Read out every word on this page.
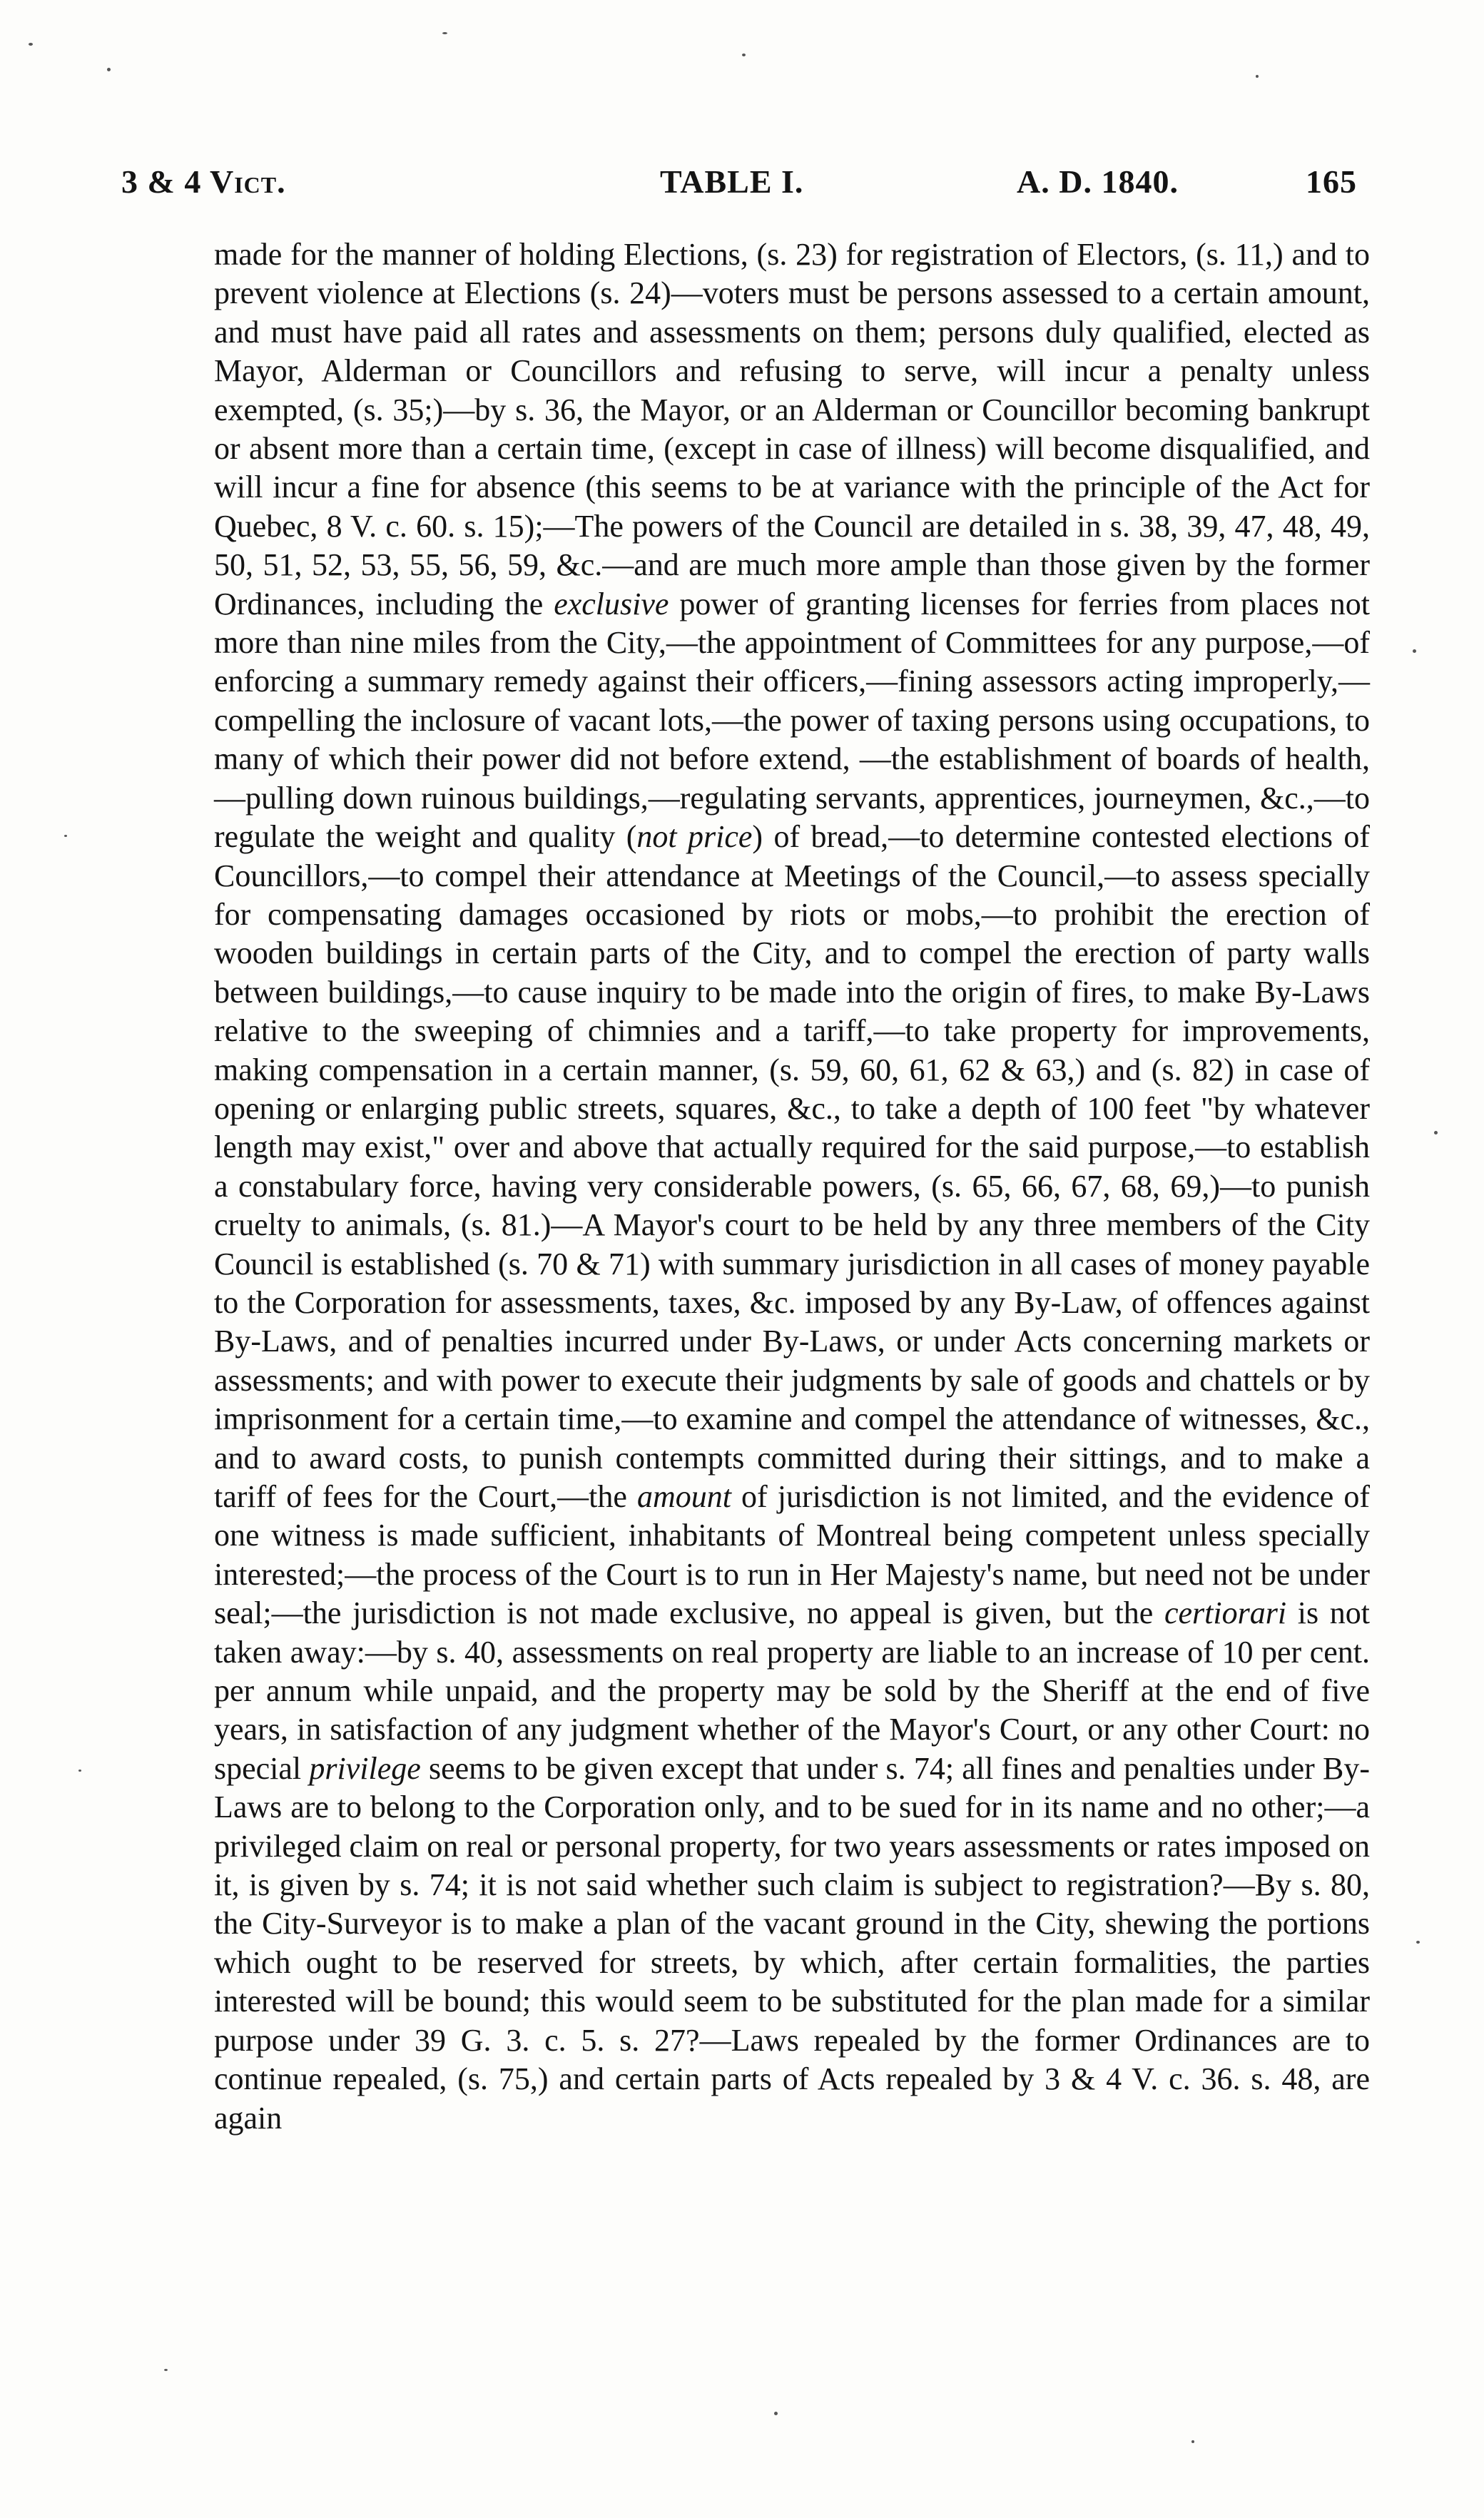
3 & 4 Vict.	TABLE I.	A. D. 1840.	165
made for the manner of holding Elections, (s. 23) for registration of Electors, (s. 11,) and to prevent violence at Elections (s. 24)—voters must be persons assessed to a certain amount, and must have paid all rates and assessments on them; persons duly qualified, elected as Mayor, Alderman or Councillors and refusing to serve, will incur a penalty unless exempted, (s. 35;)—by s. 36, the Mayor, or an Alderman or Councillor becoming bankrupt or absent more than a certain time, (except in case of illness) will become disqualified, and will incur a fine for absence (this seems to be at variance with the principle of the Act for Quebec, 8 V. c. 60. s. 15);—The powers of the Council are detailed in s. 38, 39, 47, 48, 49, 50, 51, 52, 53, 55, 56, 59, &c.—and are much more ample than those given by the former Ordinances, including the exclusive power of granting licenses for ferries from places not more than nine miles from the City,—the appointment of Committees for any purpose,—of enforcing a summary remedy against their officers,—fining assessors acting improperly,—compelling the inclosure of vacant lots,—the power of taxing persons using occupations, to many of which their power did not before extend, —the establishment of boards of health,—pulling down ruinous buildings,—regulating servants, apprentices, journeymen, &c.,—to regulate the weight and quality (not price) of bread,—to determine contested elections of Councillors,—to compel their attendance at Meetings of the Council,—to assess specially for compensating damages occasioned by riots or mobs,—to prohibit the erection of wooden buildings in certain parts of the City, and to compel the erection of party walls between buildings,—to cause inquiry to be made into the origin of fires, to make By-Laws relative to the sweeping of chimnies and a tariff,—to take property for improvements, making compensation in a certain manner, (s. 59, 60, 61, 62 & 63,) and (s. 82) in case of opening or enlarging public streets, squares, &c., to take a depth of 100 feet "by whatever length may exist," over and above that actually required for the said purpose,—to establish a constabulary force, having very considerable powers, (s. 65, 66, 67, 68, 69,)—to punish cruelty to animals, (s. 81.)—A Mayor's court to be held by any three members of the City Council is established (s. 70 & 71) with summary jurisdiction in all cases of money payable to the Corporation for assessments, taxes, &c. imposed by any By-Law, of offences against By-Laws, and of penalties incurred under By-Laws, or under Acts concerning markets or assessments; and with power to execute their judgments by sale of goods and chattels or by imprisonment for a certain time,—to examine and compel the attendance of witnesses, &c., and to award costs, to punish contempts committed during their sittings, and to make a tariff of fees for the Court,—the amount of jurisdiction is not limited, and the evidence of one witness is made sufficient, inhabitants of Montreal being competent unless specially interested;—the process of the Court is to run in Her Majesty's name, but need not be under seal;—the jurisdiction is not made exclusive, no appeal is given, but the certiorari is not taken away:—by s. 40, assessments on real property are liable to an increase of 10 per cent. per annum while unpaid, and the property may be sold by the Sheriff at the end of five years, in satisfaction of any judgment whether of the Mayor's Court, or any other Court: no special privilege seems to be given except that under s. 74; all fines and penalties under By-Laws are to belong to the Corporation only, and to be sued for in its name and no other;—a privileged claim on real or personal property, for two years assessments or rates imposed on it, is given by s. 74; it is not said whether such claim is subject to registration?—By s. 80, the City-Surveyor is to make a plan of the vacant ground in the City, shewing the portions which ought to be reserved for streets, by which, after certain formalities, the parties interested will be bound; this would seem to be substituted for the plan made for a similar purpose under 39 G. 3. c. 5. s. 27?—Laws repealed by the former Ordinances are to continue repealed, (s. 75,) and certain parts of Acts repealed by 3 & 4 V. c. 36. s. 48, are again
